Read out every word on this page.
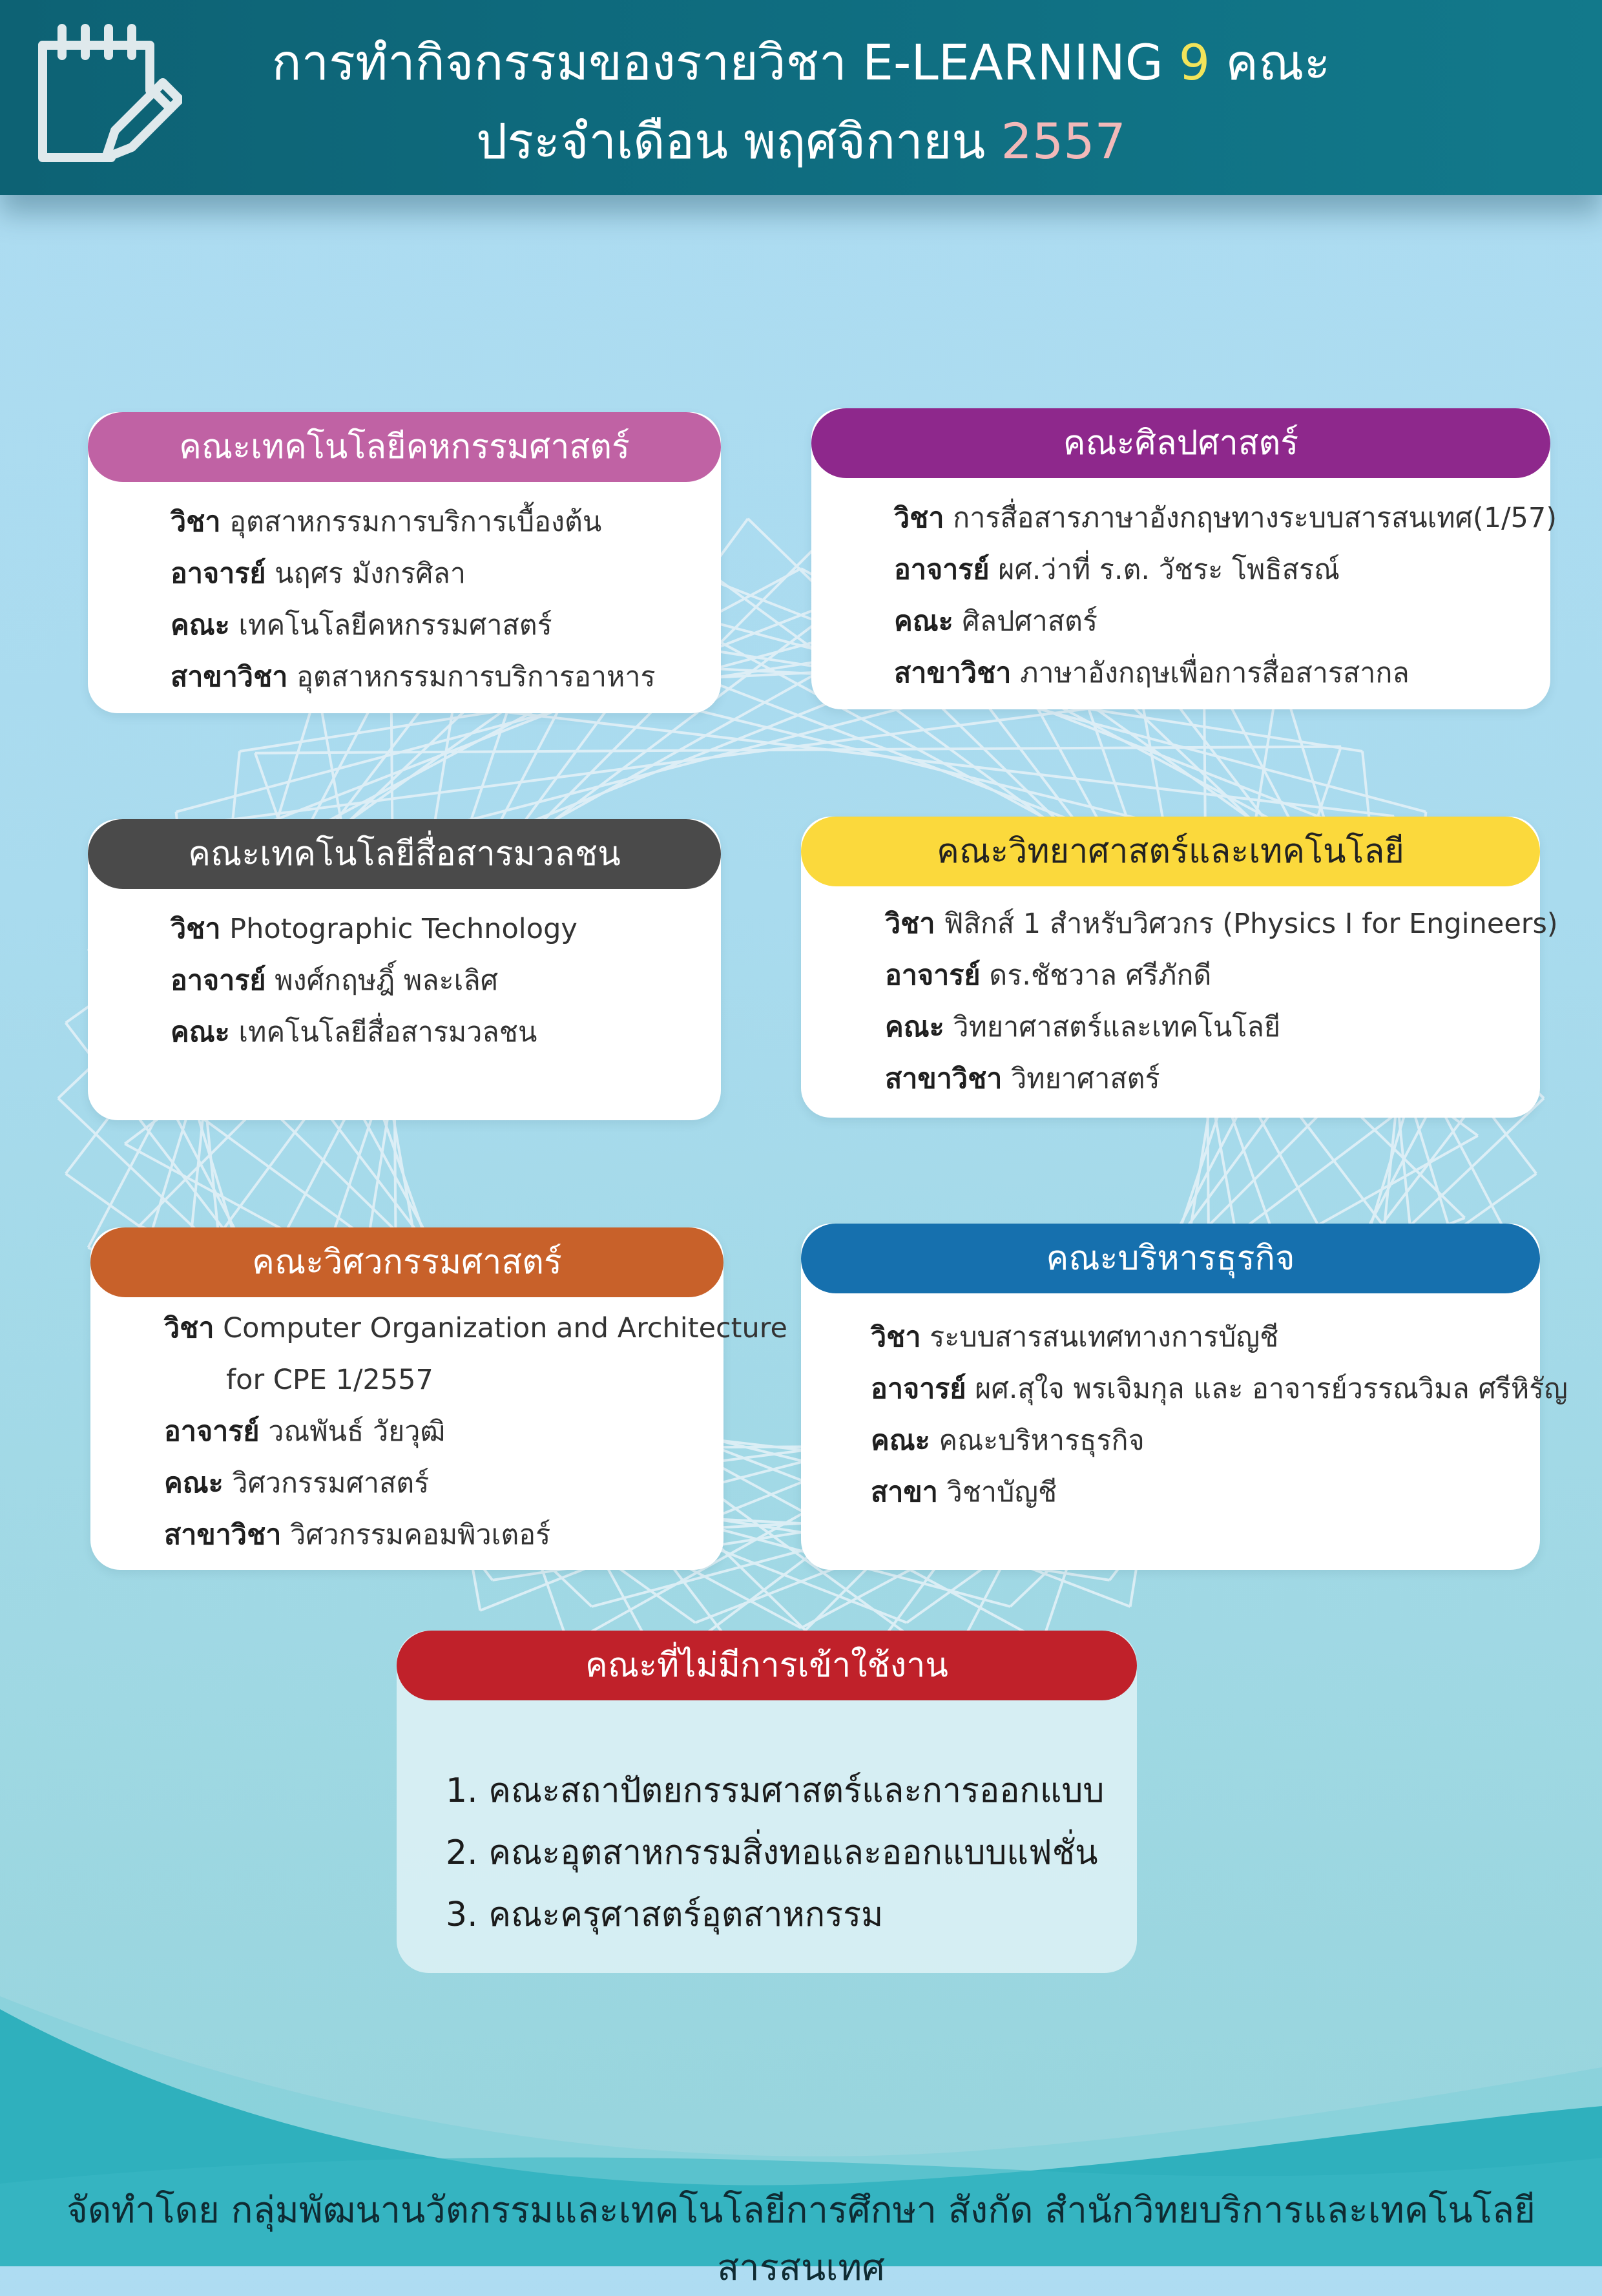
การทำกิจกรรมของรายวิชา E-LEARNING 9 คณะ
ประจำเดือน พฤศจิกายน 2557
คณะเทคโนโลยีคหกรรมศาสตร์
วิชา อุตสาหกรรมการบริการเบื้องต้น
อาจารย์ นฤศร มังกรศิลา
คณะ เทคโนโลยีคหกรรมศาสตร์
สาขาวิชา อุตสาหกรรมการบริการอาหาร
คณะศิลปศาสตร์
วิชา การสื่อสารภาษาอังกฤษทางระบบสารสนเทศ(1/57)
อาจารย์ ผศ.ว่าที่ ร.ต. วัชระ โพธิสรณ์
คณะ ศิลปศาสตร์
สาขาวิชา ภาษาอังกฤษเพื่อการสื่อสารสากล
คณะเทคโนโลยีสื่อสารมวลชน
วิชา Photographic Technology
อาจารย์ พงศ์กฤษฎิ์ พละเลิศ
คณะ เทคโนโลยีสื่อสารมวลชน
คณะวิทยาศาสตร์และเทคโนโลยี
วิชา ฟิสิกส์ 1 สำหรับวิศวกร (Physics I for Engineers)
อาจารย์ ดร.ชัชวาล ศรีภักดี
คณะ วิทยาศาสตร์และเทคโนโลยี
สาขาวิชา วิทยาศาสตร์
คณะวิศวกรรมศาสตร์
วิชา Computer Organization and Architecture
for CPE 1/2557
อาจารย์ วณพันธ์ วัยวุฒิ
คณะ วิศวกรรมศาสตร์
สาขาวิชา วิศวกรรมคอมพิวเตอร์
คณะบริหารธุรกิจ
วิชา ระบบสารสนเทศทางการบัญชี
อาจารย์ ผศ.สุใจ พรเจิมกุล และ อาจารย์วรรณวิมล ศรีหิรัญ
คณะ คณะบริหารธุรกิจ
สาขา วิชาบัญชี
คณะที่ไม่มีการเข้าใช้งาน
1. คณะสถาปัตยกรรมศาสตร์และการออกแบบ
2. คณะอุตสาหกรรมสิ่งทอและออกแบบแฟชั่น
3. คณะครุศาสตร์อุตสาหกรรม
จัดทำโดย กลุ่มพัฒนานวัตกรรมและเทคโนโลยีการศึกษา สังกัด สำนักวิทยบริการและเทคโนโลยีสารสนเทศ
